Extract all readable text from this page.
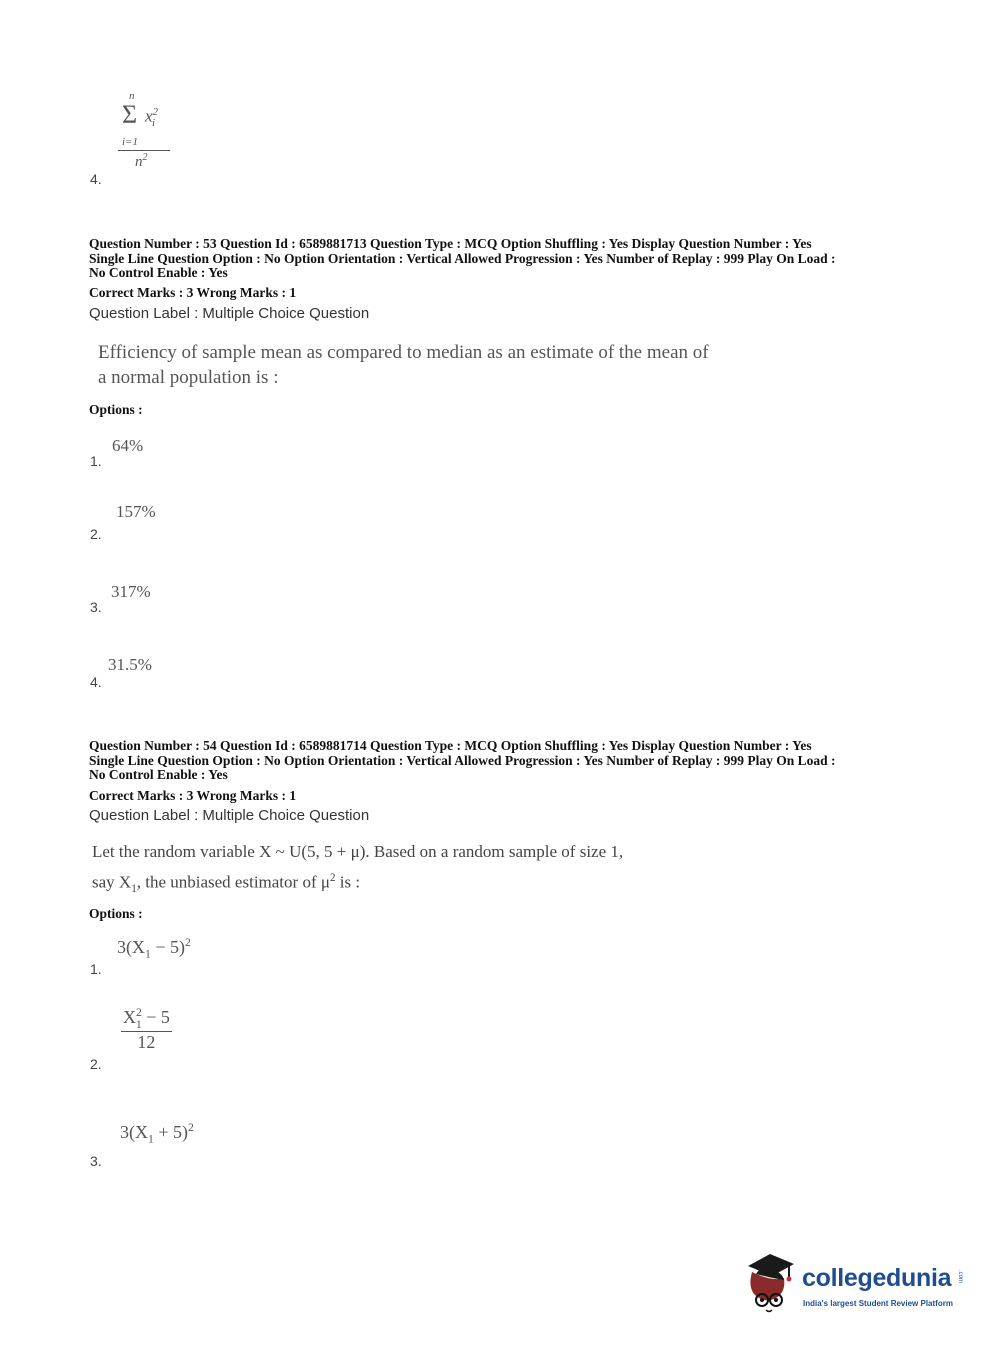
n
Σ $x^2_i$
i=1
$n^2$
4.
Question Number : 53 Question Id : 6589881713 Question Type : MCQ Option Shuffling : Yes Display Question Number : Yes
Single Line Question Option : No Option Orientation : Vertical Allowed Progression : Yes Number of Replay : 999 Play On Load :
No Control Enable : Yes
Correct Marks : 3 Wrong Marks : 1
Question Label : Multiple Choice Question
Efficiency of sample mean as compared to median as an estimate of the mean of
a normal population is :
Options :
64%
1.
157%
2.
317%
3.
31.5%
4.
Question Number : 54 Question Id : 6589881714 Question Type : MCQ Option Shuffling : Yes Display Question Number : Yes
Single Line Question Option : No Option Orientation : Vertical Allowed Progression : Yes Number of Replay : 999 Play On Load :
No Control Enable : Yes
Correct Marks : 3 Wrong Marks : 1
Question Label : Multiple Choice Question
Let the random variable X ~ U(5, 5 + μ). Based on a random sample of size 1,
say $X_1$, the unbiased estimator of $\mu^2$ is :
Options :
$3(X_1 - 5)^2$
1.
$\frac{X^2_1 - 5}{12}$
2.
$3(X_1 + 5)^2$
3.
collegedunia .com
India's largest Student Review Platform
